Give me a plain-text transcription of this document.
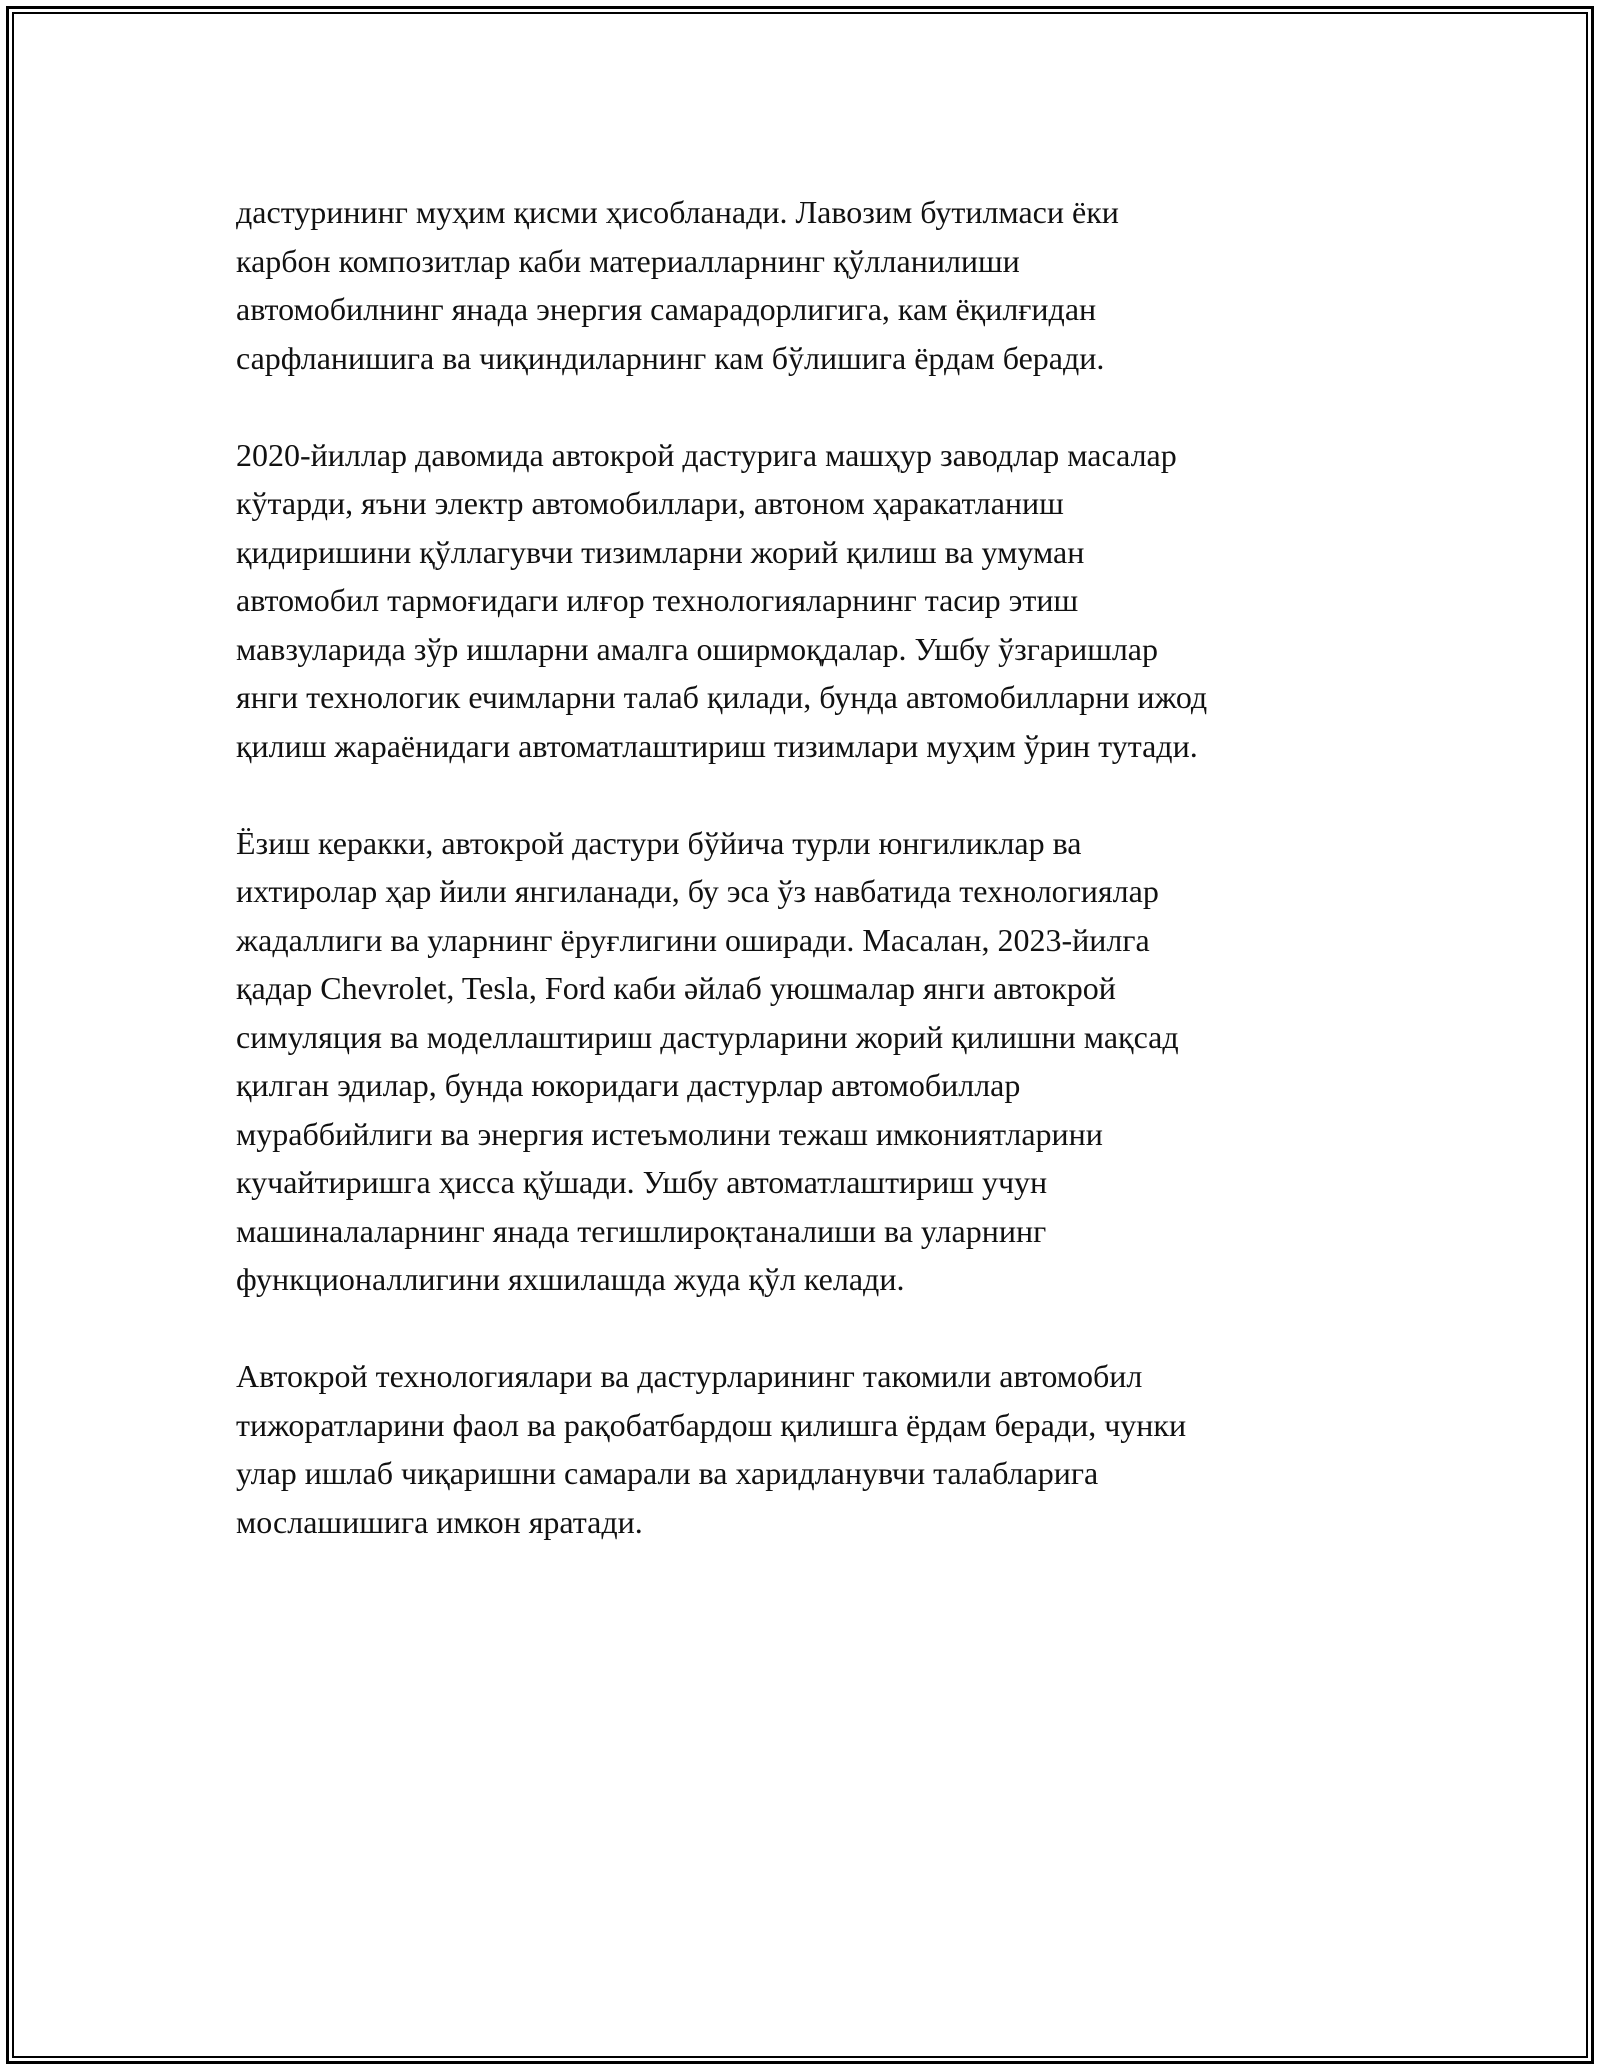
дастурининг муҳим қисми ҳисобланади. Лавозим бутилмаси ёки
карбон композитлар каби материалларнинг қўлланилиши
автомобилнинг янада энергия самарадорлигига, кам ёқилғидан
сарфланишига ва чиқиндиларнинг кам бўлишига ёрдам беради.

2020-йиллар давомида автокрой дастурига машҳур заводлар масалар
кўтарди, яъни электр автомобиллари, автоном ҳаракатланиш
қидиришини қўллагувчи тизимларни жорий қилиш ва умуман
автомобил тармоғидаги илғор технологияларнинг тасир этиш
мавзуларида зўр ишларни амалга оширмоқдалар. Ушбу ўзгаришлар
янги технологик ечимларни талаб қилади, бунда автомобилларни ижод
қилиш жараёнидаги автоматлаштириш тизимлари муҳим ўрин тутади.

Ёзиш керакки, автокрой дастури бўйича турли юнгиликлар ва
ихтиролар ҳар йили янгиланади, бу эса ўз навбатида технологиялар
жадаллиги ва уларнинг ёруғлигини оширади. Масалан, 2023-йилга
қадар Chevrolet, Tesla, Ford каби әйлаб уюшмалар янги автокрой
симуляция ва моделлаштириш дастурларини жорий қилишни мақсад
қилган эдилар, бунда юкоридаги дастурлар автомобиллар
мураббийлиги ва энергия истеъмолини тежаш имкониятларини
кучайтиришга ҳисса қўшади. Ушбу автоматлаштириш учун
машиналаларнинг янада тегишлироқтаналиши ва уларнинг
функционаллигини яхшилашда жуда қўл келади.

Автокрой технологиялари ва дастурларининг такомили автомобил
тижоратларини фаол ва рақобатбардош қилишга ёрдам беради, чунки
улар ишлаб чиқаришни самарали ва харидланувчи талабларига
мослашишига имкон яратади.
